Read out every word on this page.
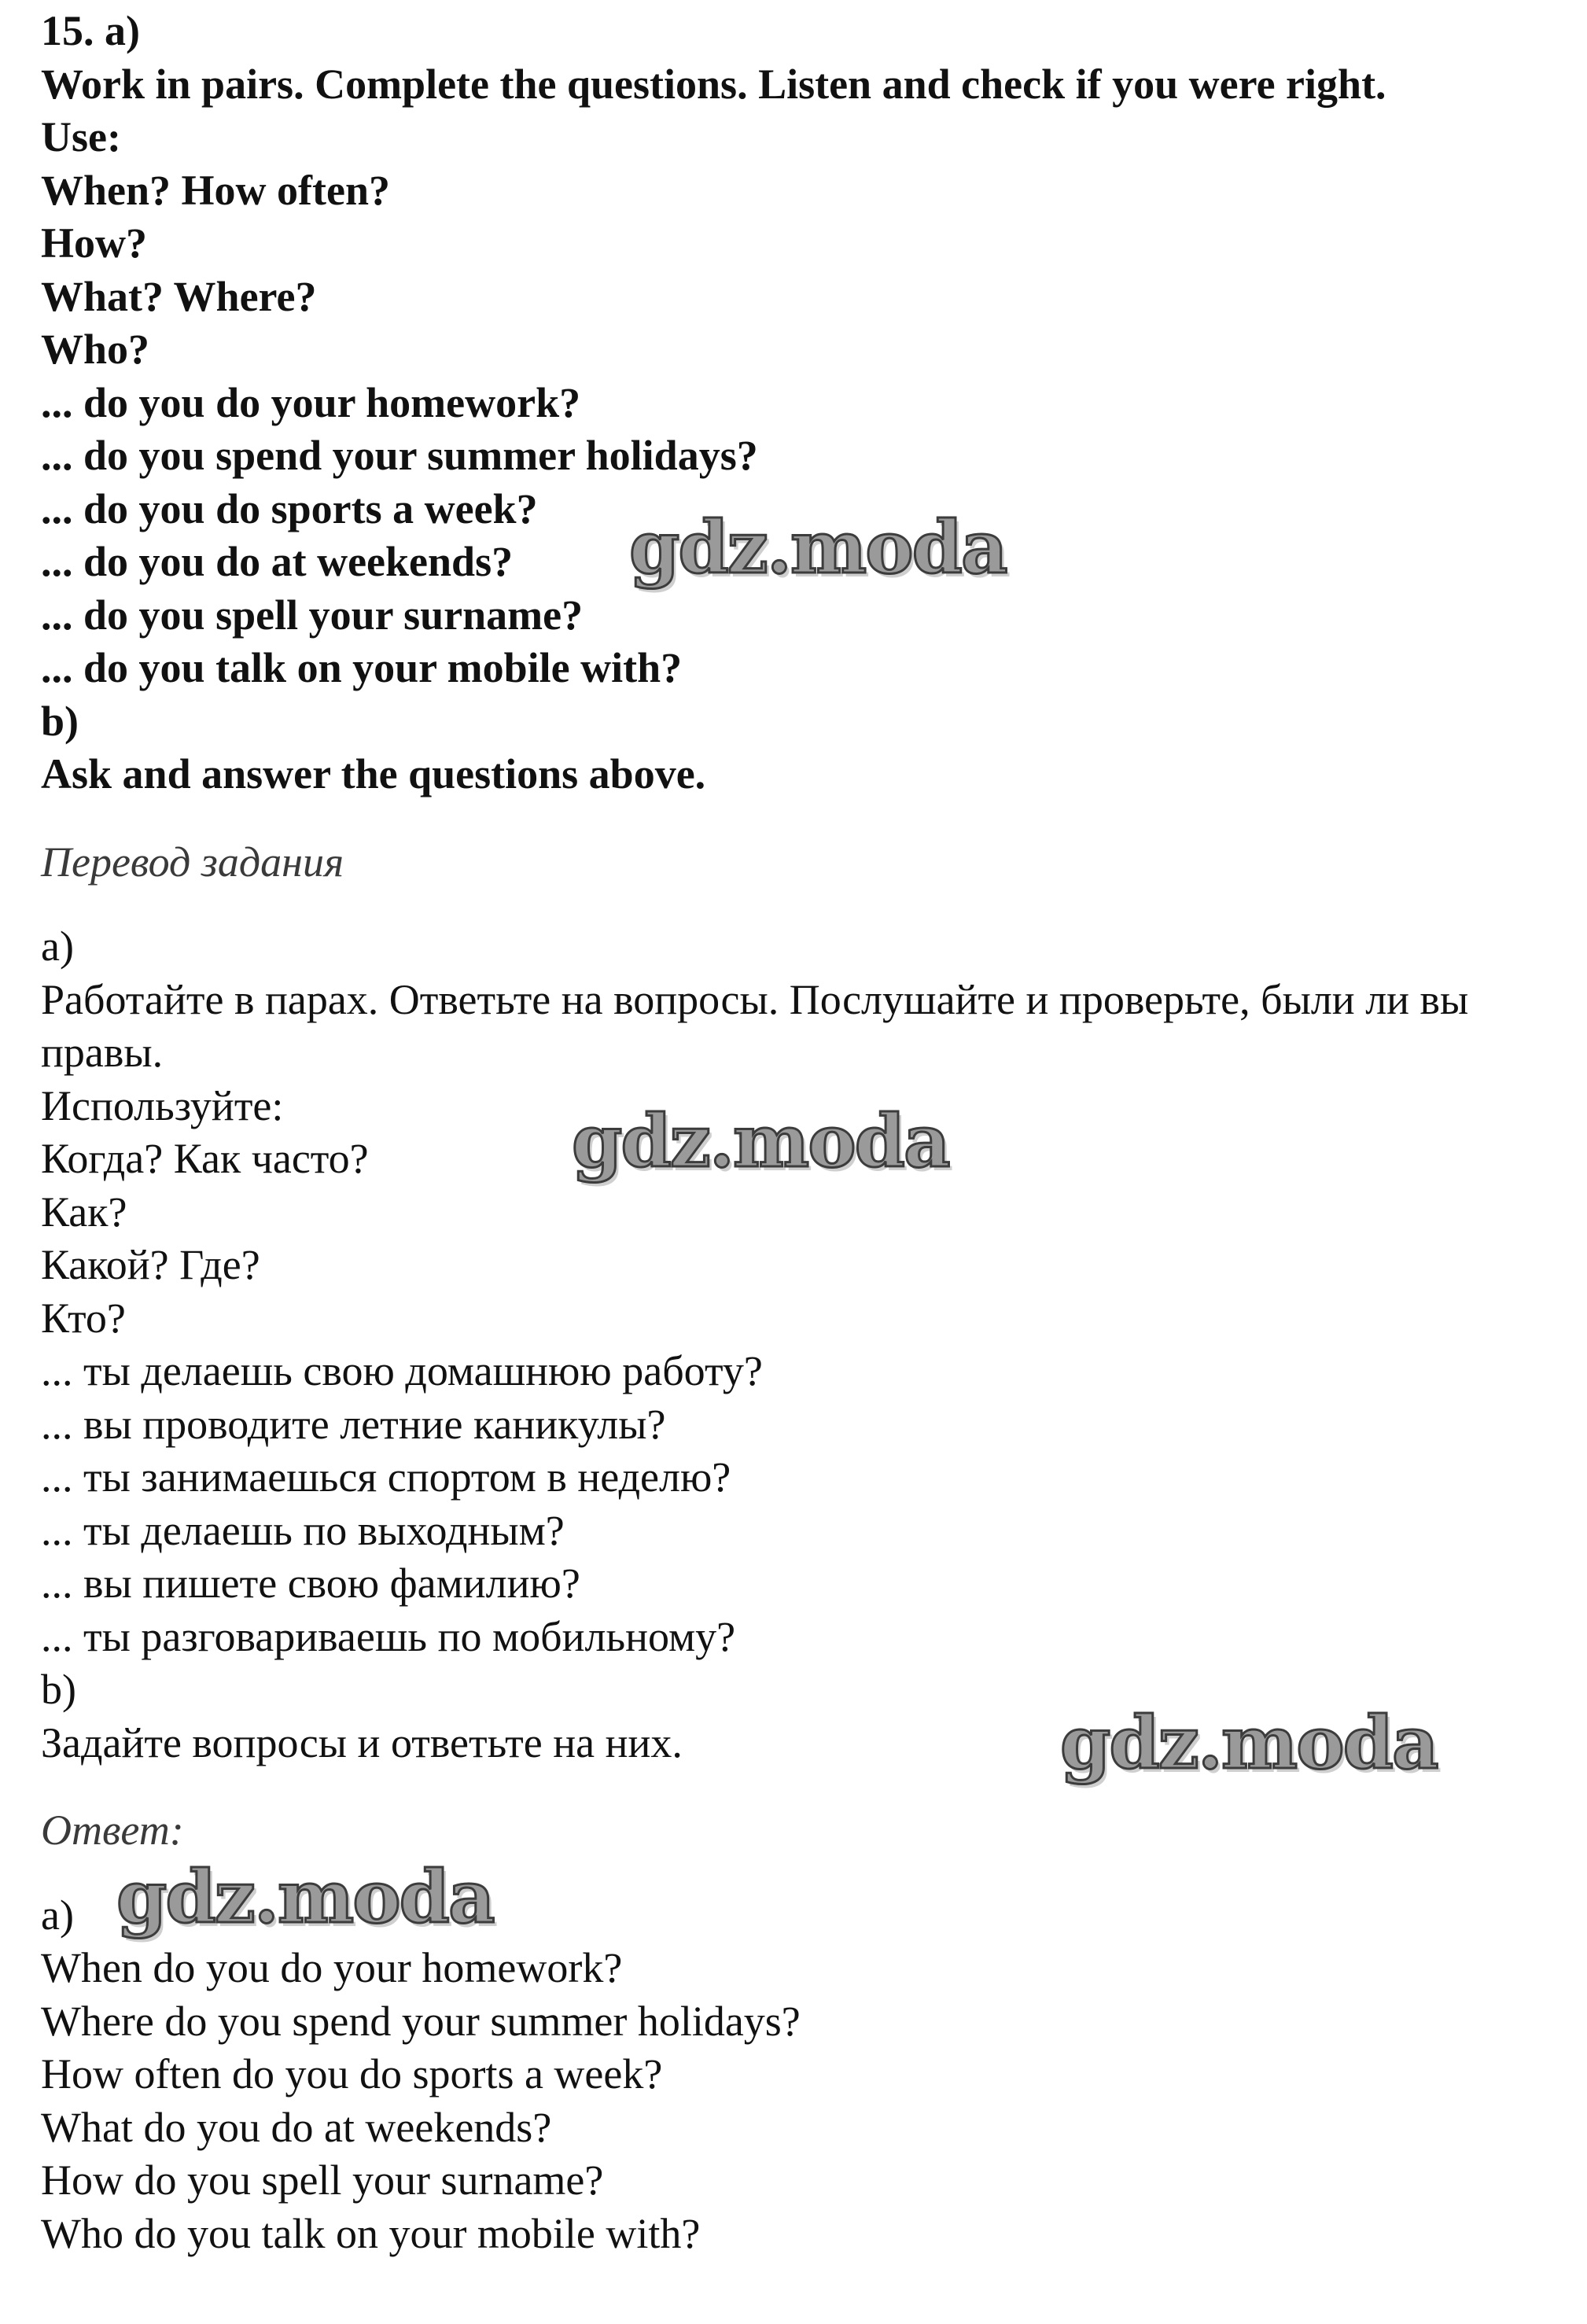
15. a)
Work in pairs. Complete the questions. Listen and check if you were right.
Use:
When? How often?
How?
What? Where?
Who?
... do you do your homework?
... do you spend your summer holidays?
... do you do sports a week?
... do you do at weekends?
... do you spell your surname?
... do you talk on your mobile with?
b)
Ask and answer the questions above.
Перевод задания
a)
Работайте в парах. Ответьте на вопросы. Послушайте и проверьте, были ли вы правы.
Используйте:
Когда? Как часто?
Как?
Какой? Где?
Кто?
... ты делаешь свою домашнюю работу?
... вы проводите летние каникулы?
... ты занимаешься спортом в неделю?
... ты делаешь по выходным?
... вы пишете свою фамилию?
... ты разговариваешь по мобильному?
b)
Задайте вопросы и ответьте на них.
Ответ:
a)
When do you do your homework?
Where do you spend your summer holidays?
How often do you do sports a week?
What do you do at weekends?
How do you spell your surname?
Who do you talk on your mobile with?
gdz.moda
gdz.moda
gdz.moda
gdz.moda
